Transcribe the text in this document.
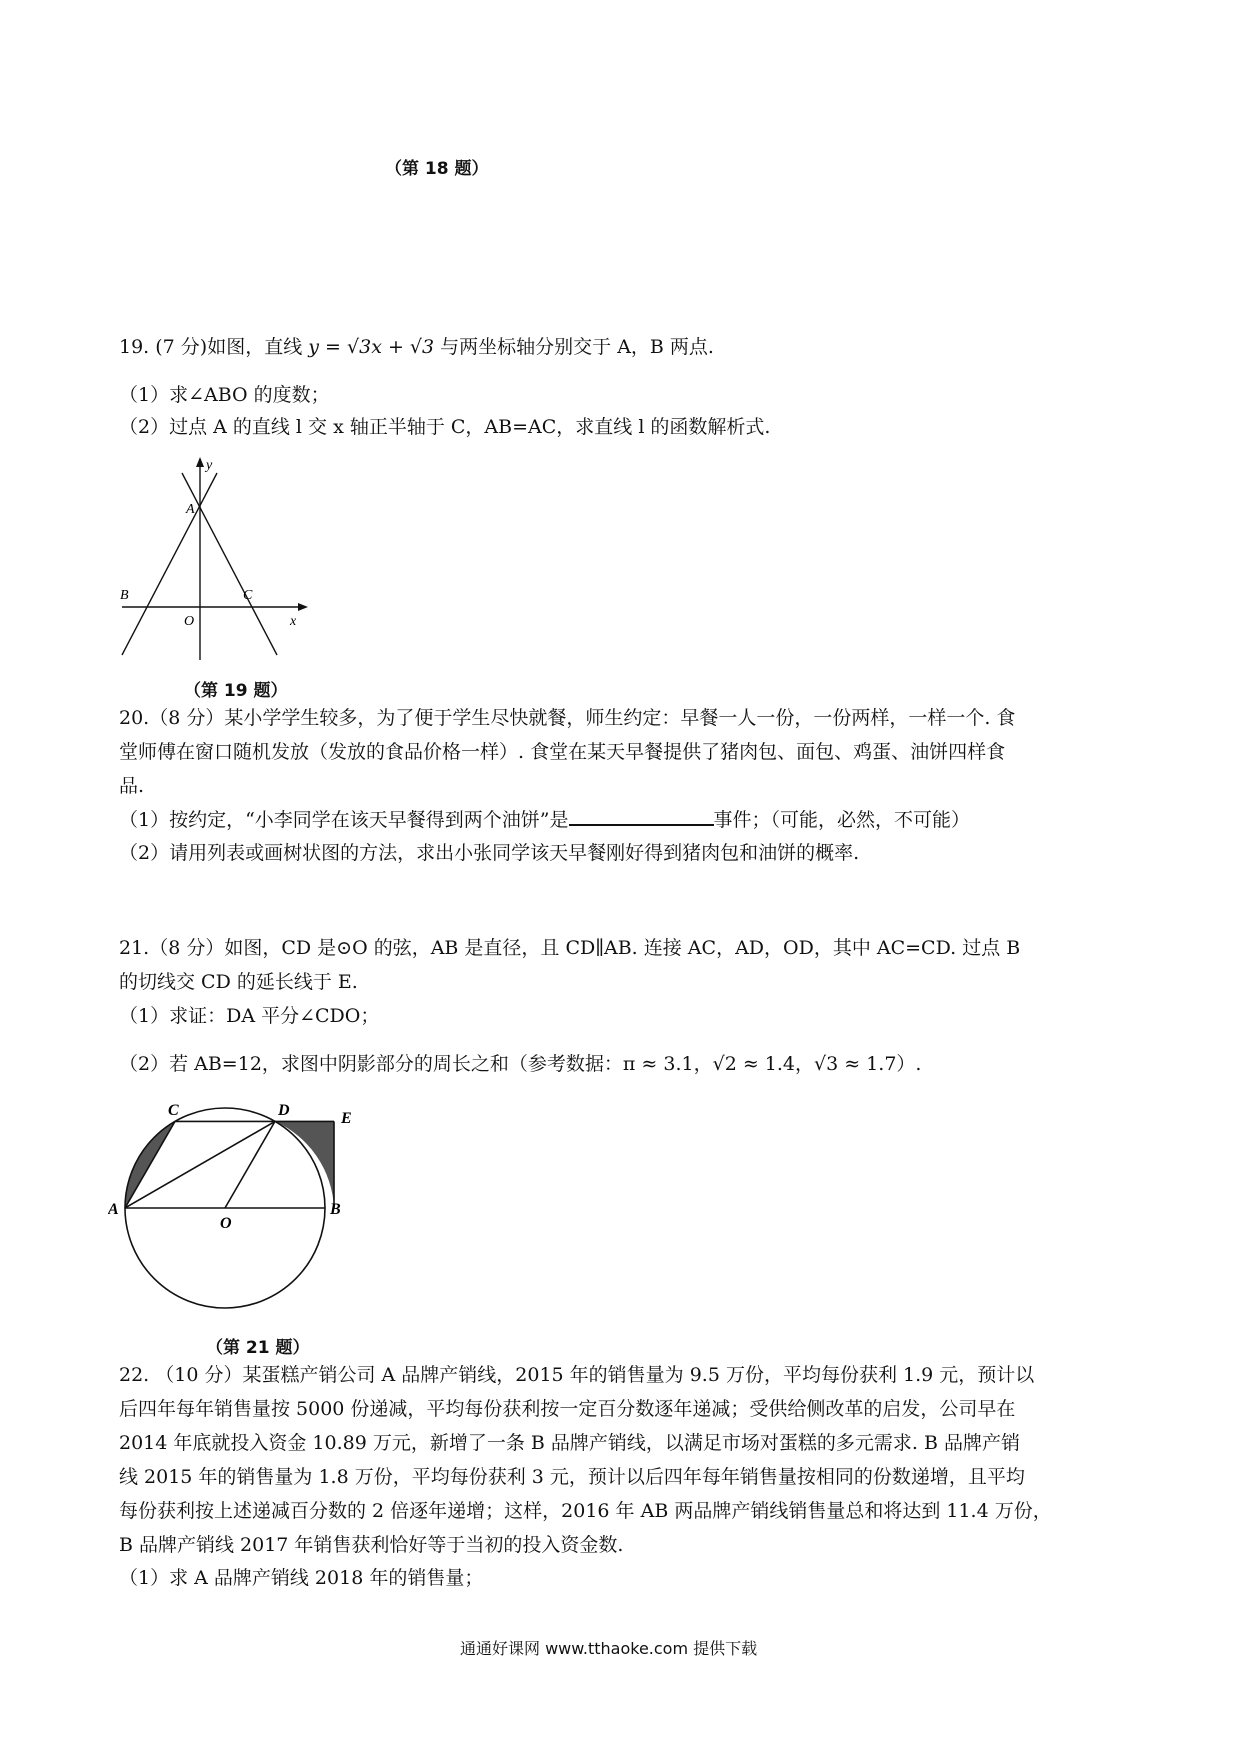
（第 18 题）
19. (7 分)如图，直线 y = √3x + √3 与两坐标轴分别交于 A，B 两点.
（1）求∠ABO 的度数；
（2）过点 A 的直线 l 交 x 轴正半轴于 C，AB=AC，求直线 l 的函数解析式.
y
A
B	C
O	x
（第 19 题）
20.（8 分）某小学学生较多，为了便于学生尽快就餐，师生约定：早餐一人一份，一份两样，一样一个. 食
堂师傅在窗口随机发放（发放的食品价格一样）. 食堂在某天早餐提供了猪肉包、面包、鸡蛋、油饼四样食
品.
（1）按约定，“小李同学在该天早餐得到两个油饼”是	事件；（可能，必然，不可能）
（2）请用列表或画树状图的方法，求出小张同学该天早餐刚好得到猪肉包和油饼的概率.
21.（8 分）如图，CD 是⊙O 的弦，AB 是直径，且 CD∥AB. 连接 AC，AD，OD，其中 AC=CD. 过点 B
的切线交 CD 的延长线于 E.
（1）求证：DA 平分∠CDO；
（2）若 AB=12，求图中阴影部分的周长之和（参考数据：π ≈ 3.1，√2 ≈ 1.4，√3 ≈ 1.7）.
A	B
C	D	E
O
（第 21 题）
22. （10 分）某蛋糕产销公司 A 品牌产销线，2015 年的销售量为 9.5 万份，平均每份获利 1.9 元，预计以
后四年每年销售量按 5000 份递减，平均每份获利按一定百分数逐年递减；受供给侧改革的启发，公司早在
2014 年底就投入资金 10.89 万元，新增了一条 B 品牌产销线，以满足市场对蛋糕的多元需求. B 品牌产销
线 2015 年的销售量为 1.8 万份，平均每份获利 3 元，预计以后四年每年销售量按相同的份数递增，且平均
每份获利按上述递减百分数的 2 倍逐年递增；这样，2016 年 AB 两品牌产销线销售量总和将达到 11.4 万份，
B 品牌产销线 2017 年销售获利恰好等于当初的投入资金数.
（1）求 A 品牌产销线 2018 年的销售量；
通通好课网 www.tthaoke.com 提供下载
